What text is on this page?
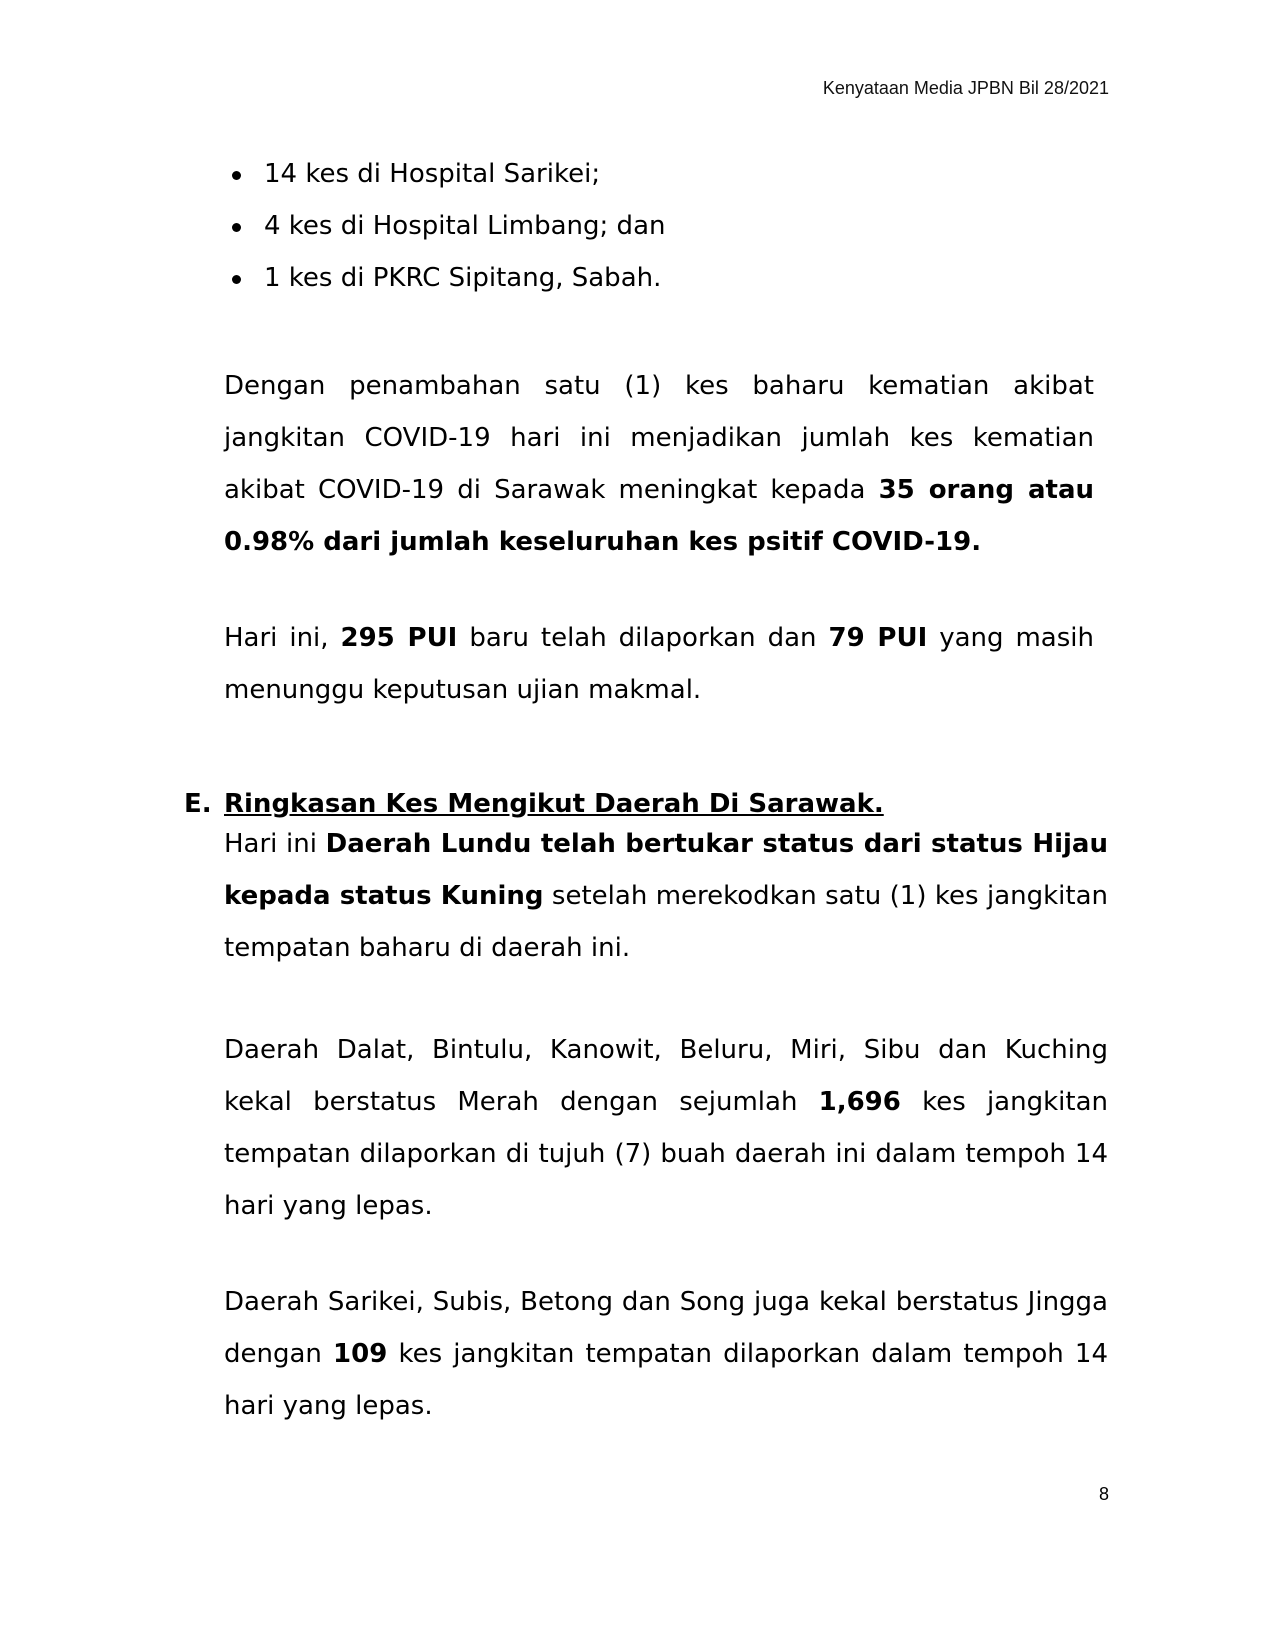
Kenyataan Media JPBN Bil 28/2021
14 kes di Hospital Sarikei;
4 kes di Hospital Limbang; dan
1 kes di PKRC Sipitang, Sabah.

Dengan penambahan satu (1) kes baharu kematian akibat jangkitan COVID-19 hari ini menjadikan jumlah kes kematian akibat COVID-19 di Sarawak meningkat kepada 35 orang atau 0.98% dari jumlah keseluruhan kes psitif COVID-19.

Hari ini, 295 PUI baru telah dilaporkan dan 79 PUI yang masih menunggu keputusan ujian makmal.

E. Ringkasan Kes Mengikut Daerah Di Sarawak.

Hari ini Daerah Lundu telah bertukar status dari status Hijau kepada status Kuning setelah merekodkan satu (1) kes jangkitan tempatan baharu di daerah ini.

Daerah Dalat, Bintulu, Kanowit, Beluru, Miri, Sibu dan Kuching kekal berstatus Merah dengan sejumlah 1,696 kes jangkitan tempatan dilaporkan di tujuh (7) buah daerah ini dalam tempoh 14 hari yang lepas.

Daerah Sarikei, Subis, Betong dan Song juga kekal berstatus Jingga dengan 109 kes jangkitan tempatan dilaporkan dalam tempoh 14 hari yang lepas.

8
